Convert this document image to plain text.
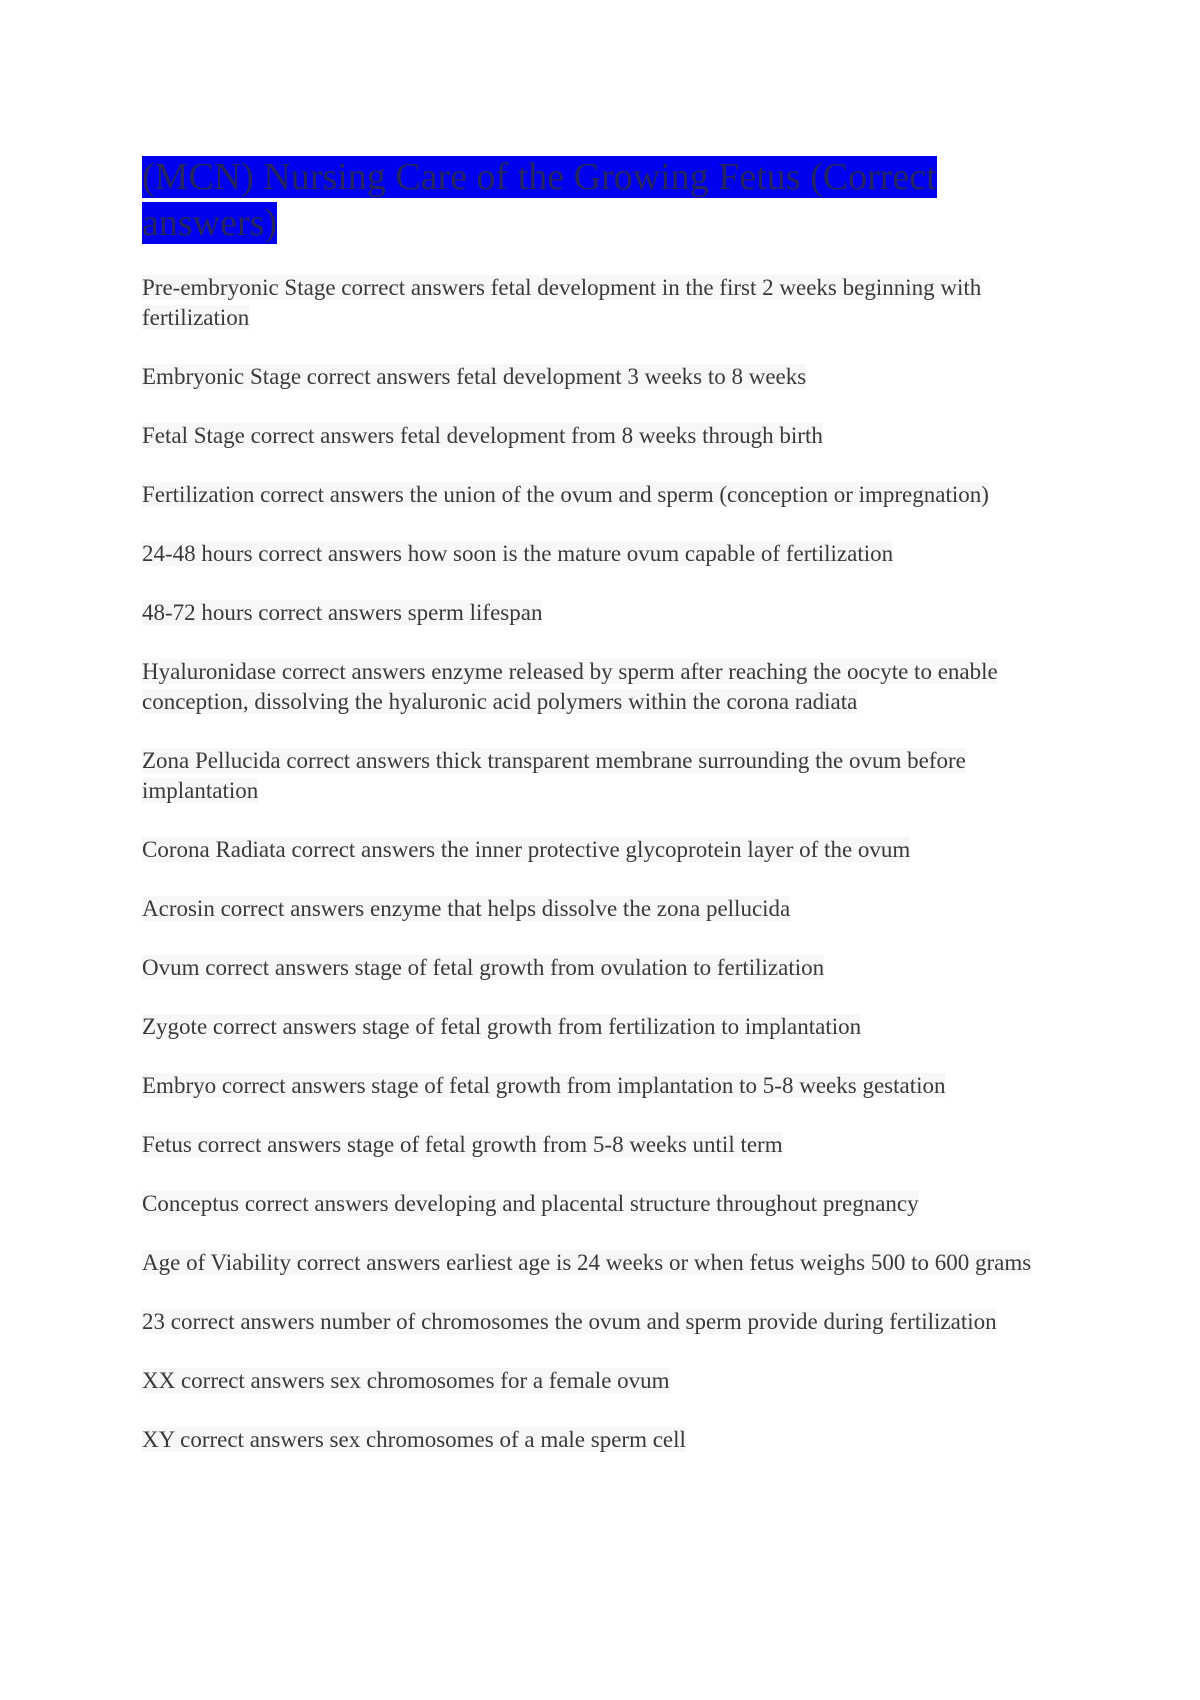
(MCN) Nursing Care of the Growing Fetus (Correct answers)
Pre-embryonic Stage correct answers fetal development in the first 2 weeks beginning with fertilization
Embryonic Stage correct answers fetal development 3 weeks to 8 weeks
Fetal Stage correct answers fetal development from 8 weeks through birth
Fertilization correct answers the union of the ovum and sperm (conception or impregnation)
24-48 hours correct answers how soon is the mature ovum capable of fertilization
48-72 hours correct answers sperm lifespan
Hyaluronidase correct answers enzyme released by sperm after reaching the oocyte to enable conception, dissolving the hyaluronic acid polymers within the corona radiata
Zona Pellucida correct answers thick transparent membrane surrounding the ovum before implantation
Corona Radiata correct answers the inner protective glycoprotein layer of the ovum
Acrosin correct answers enzyme that helps dissolve the zona pellucida
Ovum correct answers stage of fetal growth from ovulation to fertilization
Zygote correct answers stage of fetal growth from fertilization to implantation
Embryo correct answers stage of fetal growth from implantation to 5-8 weeks gestation
Fetus correct answers stage of fetal growth from 5-8 weeks until term
Conceptus correct answers developing and placental structure throughout pregnancy
Age of Viability correct answers earliest age is 24 weeks or when fetus weighs 500 to 600 grams
23 correct answers number of chromosomes the ovum and sperm provide during fertilization
XX correct answers sex chromosomes for a female ovum
XY correct answers sex chromosomes of a male sperm cell
